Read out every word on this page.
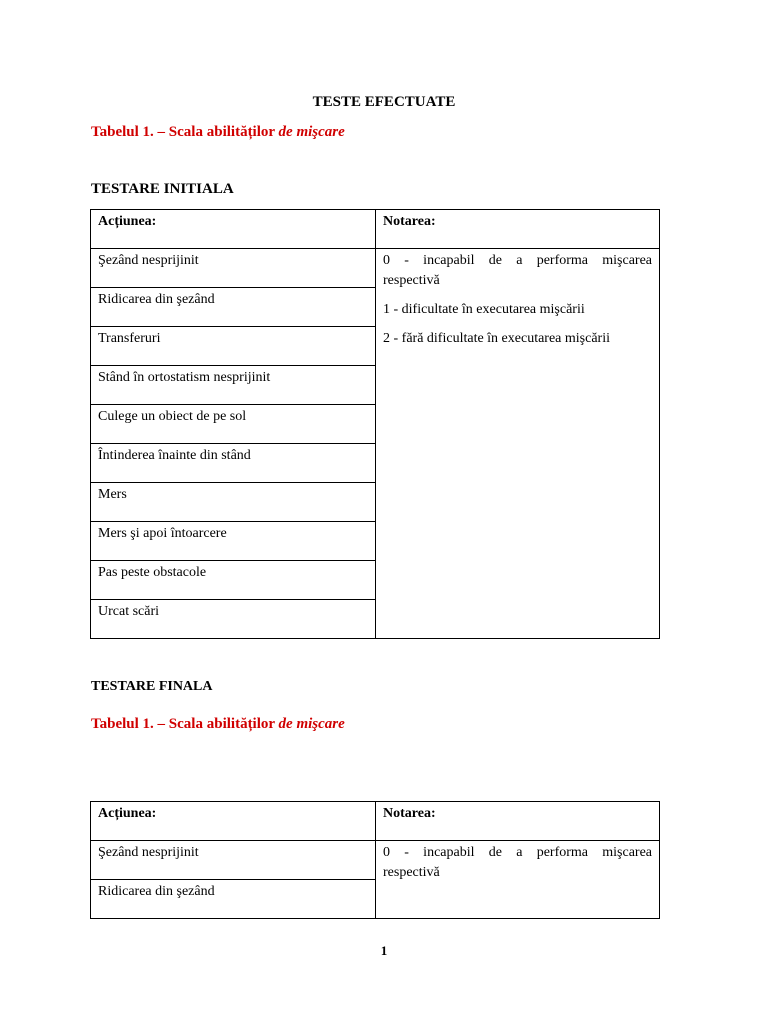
TESTE EFECTUATE
Tabelul 1. – Scala abilităților de mişcare
TESTARE INITIALA
Acțiunea:	Notarea:
Şezând nesprijinit	0 - incapabil de a performa mişcarea
respectivă
1 - dificultate în executarea mişcării
2 - fără dificultate în executarea mişcării

Ridicarea din şezând	
Transferuri	
Stând în ortostatism nesprijinit	
Culege un obiect de pe sol	
Întinderea înainte din stând	
Mers	
Mers şi apoi întoarcere	
Pas peste obstacole	
Urcat scări	
TESTARE FINALA
Tabelul 1. – Scala abilităților de mişcare
Acțiunea:	Notarea:
Şezând nesprijinit	0 - incapabil de a performa mişcarea
respectivă

Ridicarea din şezând	
1
